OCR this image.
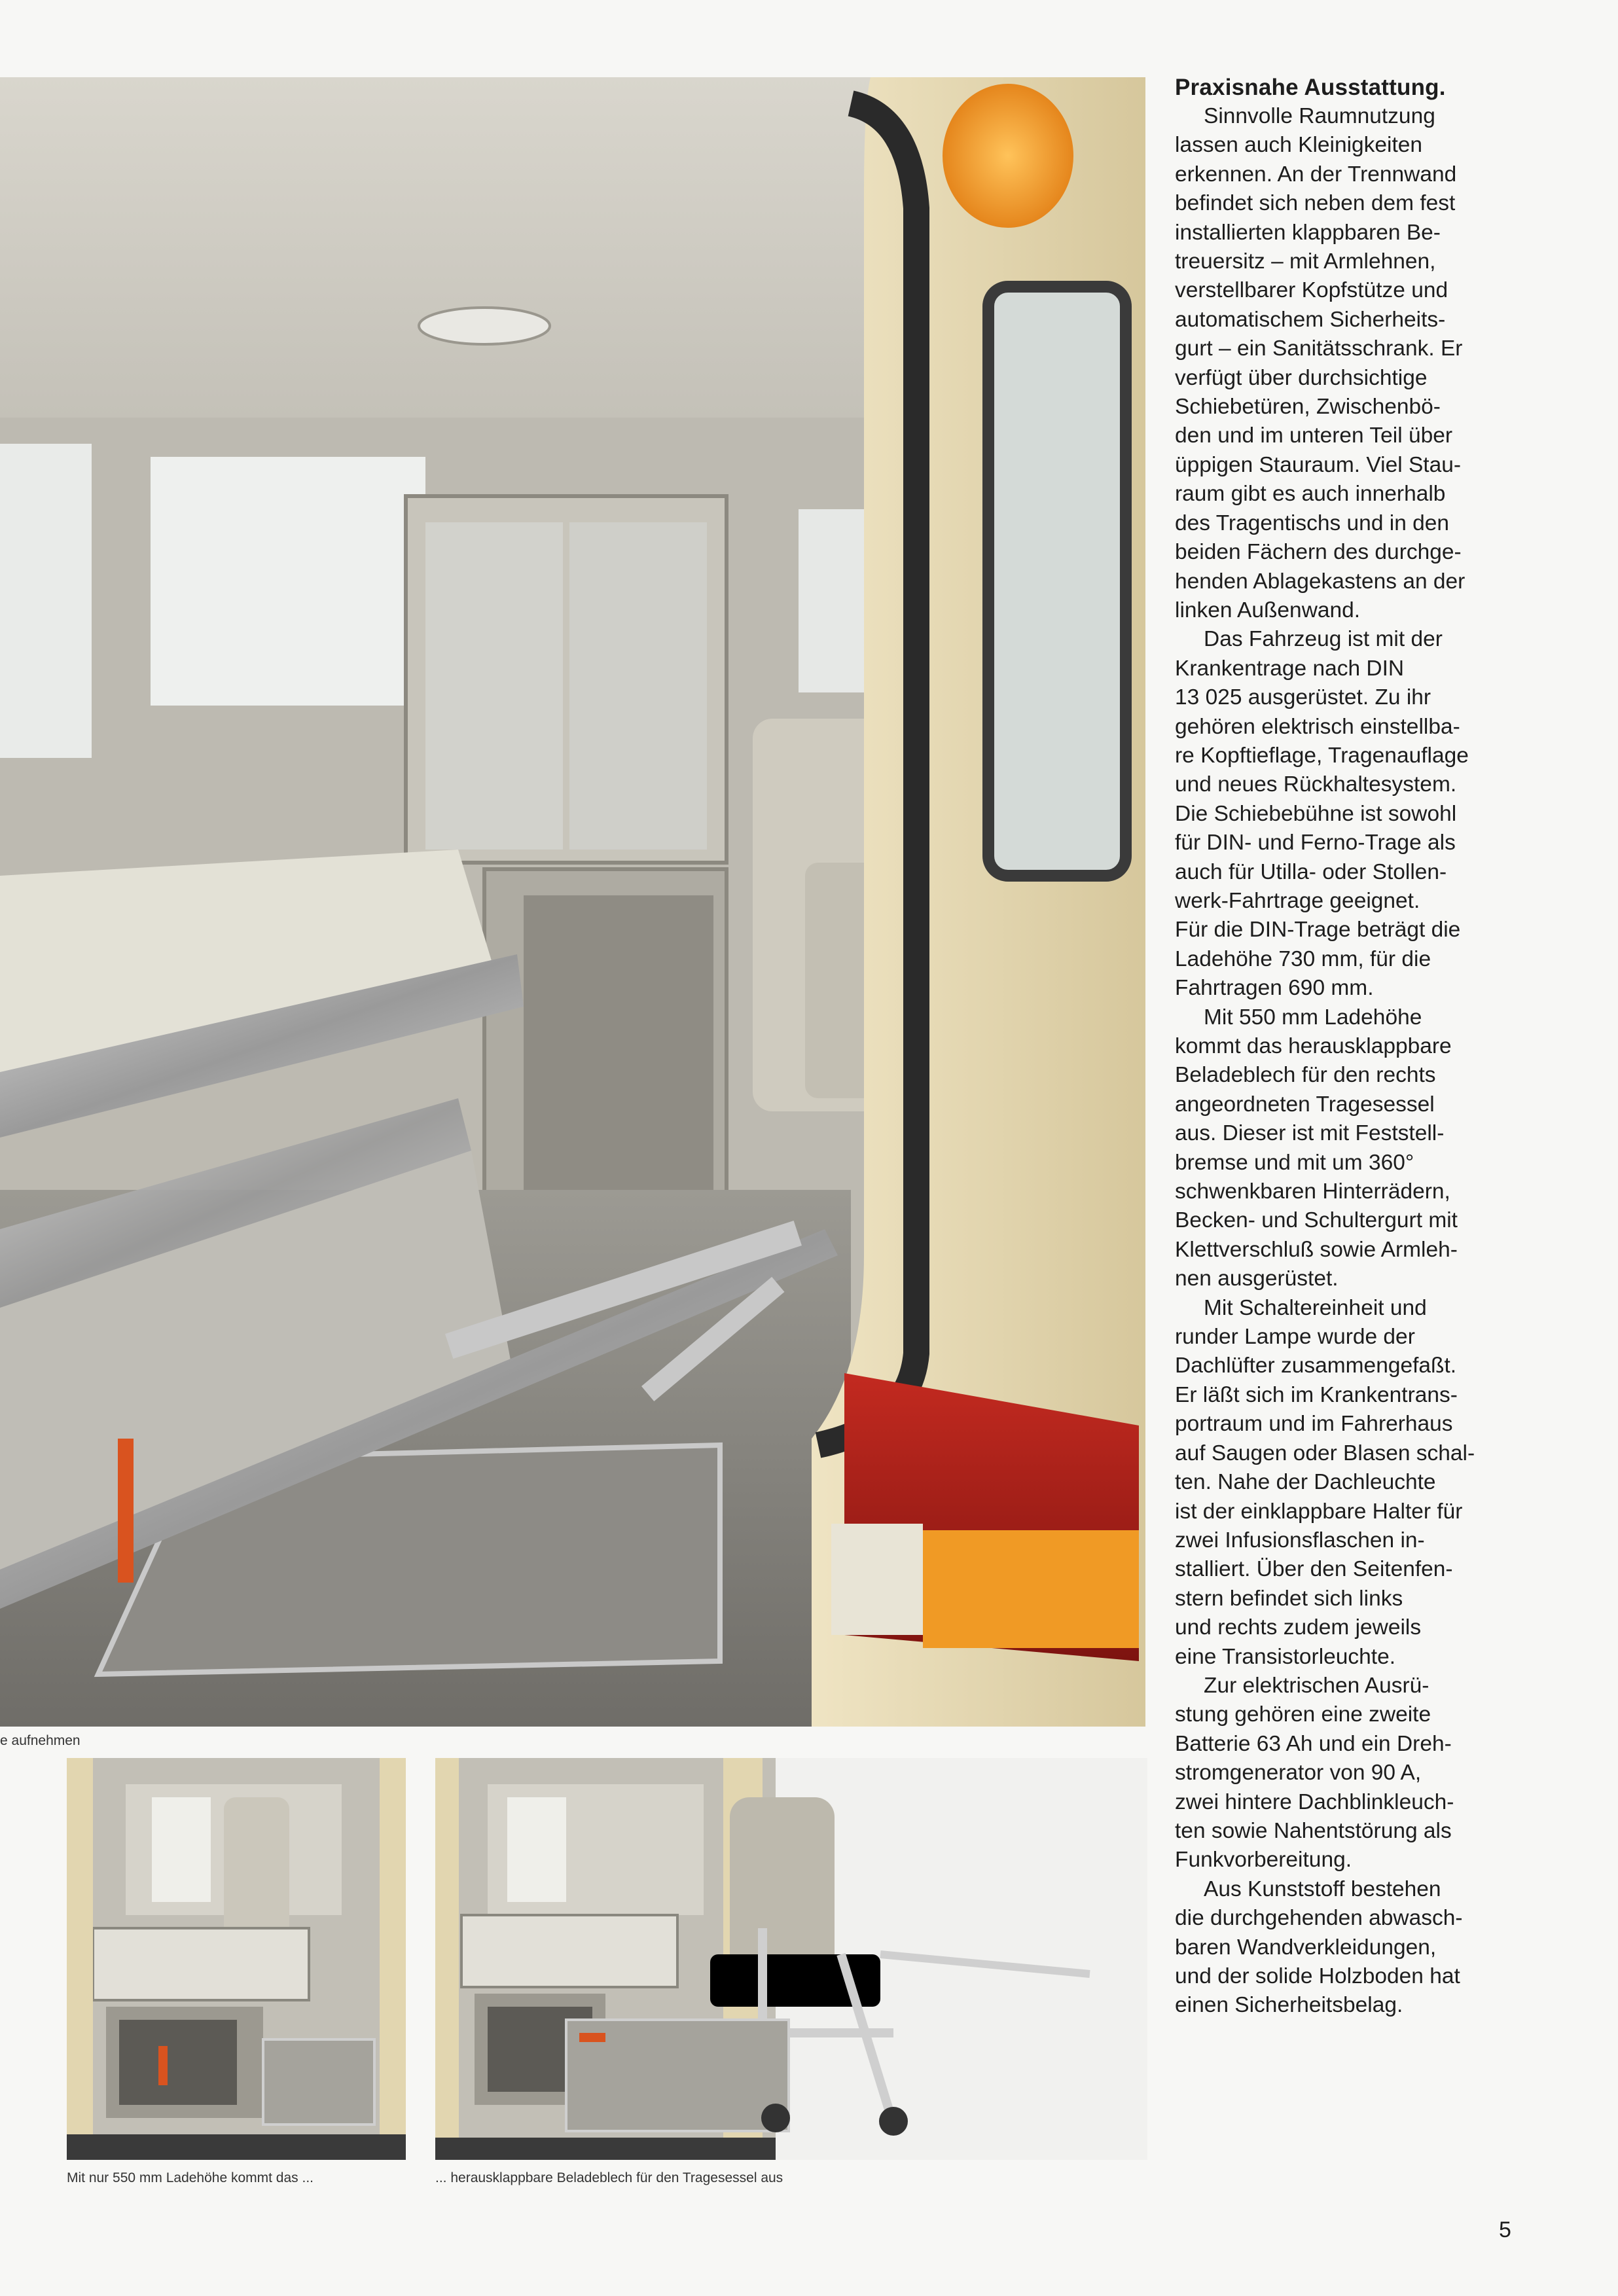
e aufnehmen
Mit nur 550 mm Ladehöhe kommt das ...	... herausklappbare Beladeblech für den Tragesessel aus
Praxisnahe Ausstattung.

Sinnvolle Raumnutzung
lassen auch Kleinigkeiten
erkennen. An der Trennwand
befindet sich neben dem fest
installierten klappbaren Be-
treuersitz – mit Armlehnen,
verstellbarer Kopfstütze und
automatischem Sicherheits-
gurt – ein Sanitätsschrank. Er
verfügt über durchsichtige
Schiebetüren, Zwischenbö-
den und im unteren Teil über
üppigen Stauraum. Viel Stau-
raum gibt es auch innerhalb
des Tragentischs und in den
beiden Fächern des durchge-
henden Ablagekastens an der
linken Außenwand.

Das Fahrzeug ist mit der
Krankentrage nach DIN
13 025 ausgerüstet. Zu ihr
gehören elektrisch einstellba-
re Kopftieflage, Tragenauflage
und neues Rückhaltesystem.
Die Schiebebühne ist sowohl
für DIN- und Ferno-Trage als
auch für Utilla- oder Stollen-
werk-Fahrtrage geeignet.
Für die DIN-Trage beträgt die
Ladehöhe 730 mm, für die
Fahrtragen 690 mm.

Mit 550 mm Ladehöhe
kommt das herausklappbare
Beladeblech für den rechts
angeordneten Tragesessel
aus. Dieser ist mit Feststell-
bremse und mit um 360°
schwenkbaren Hinterrädern,
Becken- und Schultergurt mit
Klettverschluß sowie Armleh-
nen ausgerüstet.

Mit Schaltereinheit und
runder Lampe wurde der
Dachlüfter zusammengefaßt.
Er läßt sich im Krankentrans-
portraum und im Fahrerhaus
auf Saugen oder Blasen schal-
ten. Nahe der Dachleuchte
ist der einklappbare Halter für
zwei Infusionsflaschen in-
stalliert. Über den Seitenfen-
stern befindet sich links
und rechts zudem jeweils
eine Transistorleuchte.

Zur elektrischen Ausrü-
stung gehören eine zweite
Batterie 63 Ah und ein Dreh-
stromgenerator von 90 A,
zwei hintere Dachblinkleuch-
ten sowie Nahentstörung als
Funkvorbereitung.

Aus Kunststoff bestehen
die durchgehenden abwasch-
baren Wandverkleidungen,
und der solide Holzboden hat
einen Sicherheitsbelag.

5
